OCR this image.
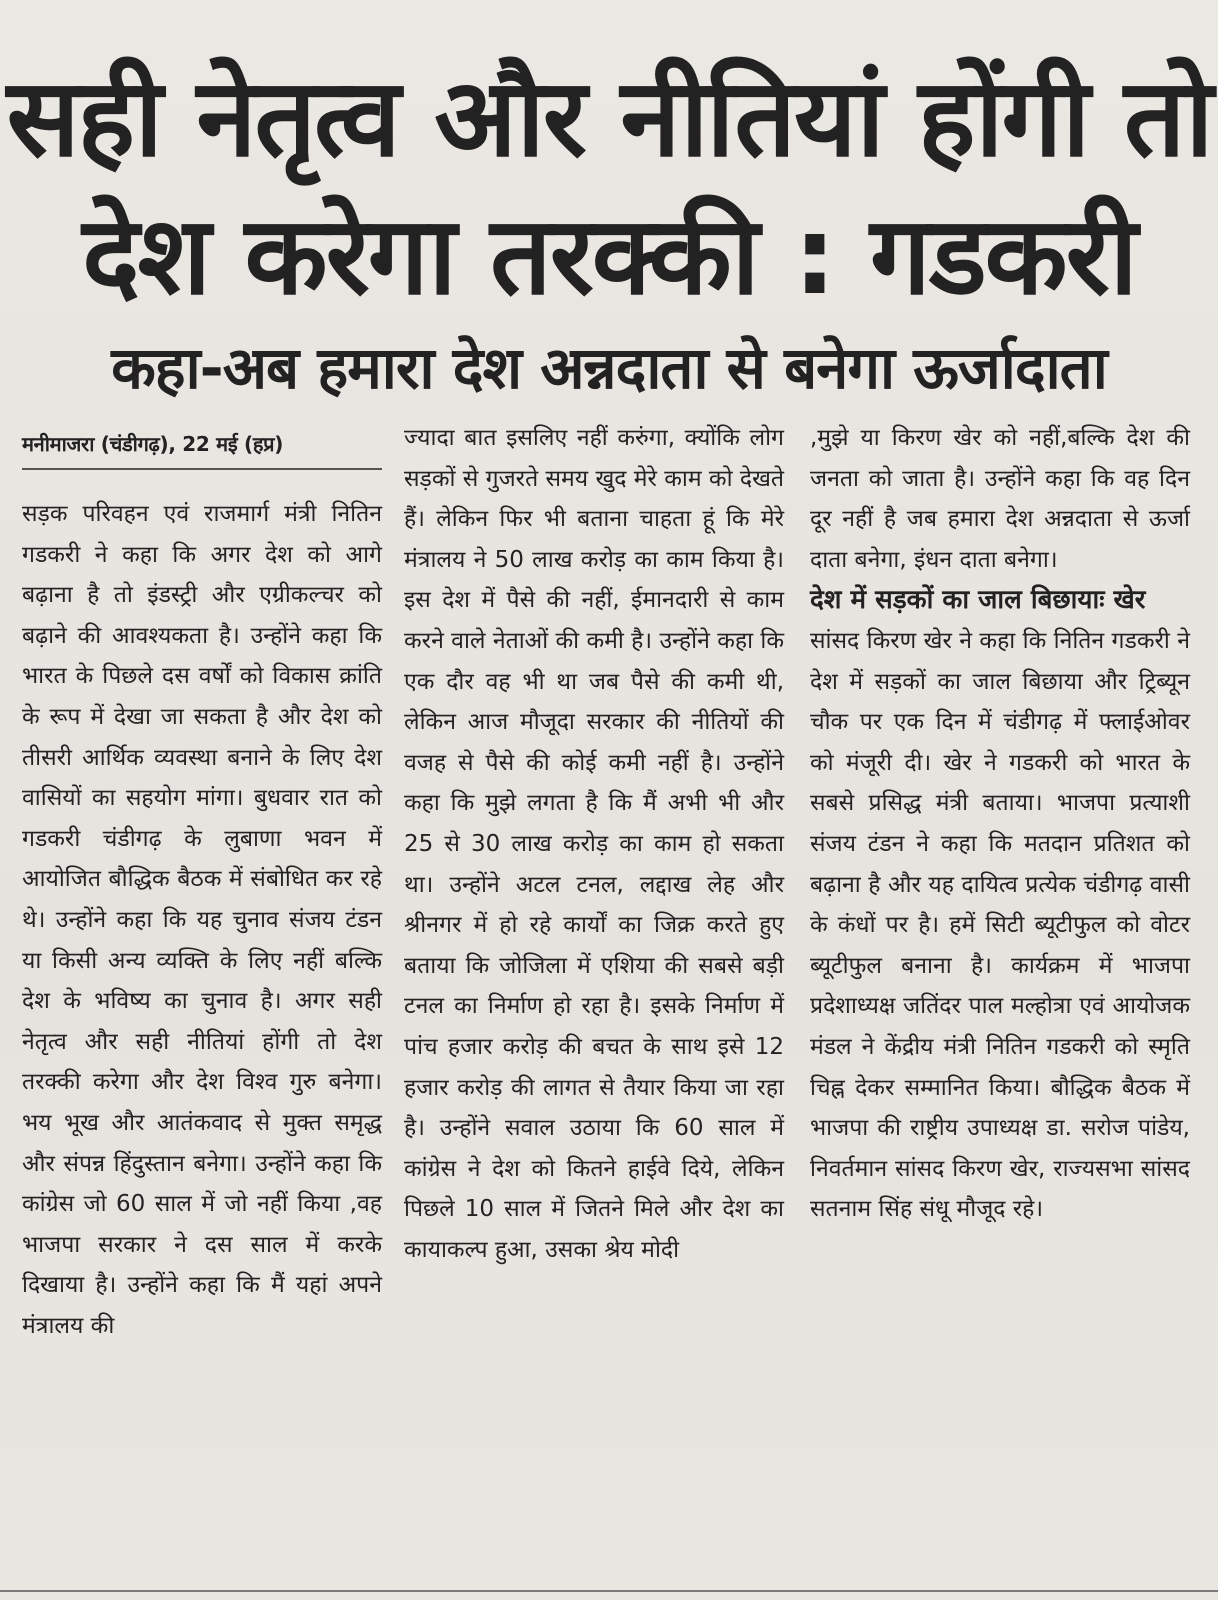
सही नेतृत्व और नीतियां होंगी तो देश करेगा तरक्की : गडकरी
कहा-अब हमारा देश अन्नदाता से बनेगा ऊर्जादाता
मनीमाजरा (चंडीगढ़), 22 मई (हप्र)

सड़क परिवहन एवं राजमार्ग मंत्री नितिन गडकरी ने कहा कि अगर देश को आगे बढ़ाना है तो इंडस्ट्री और एग्रीकल्चर को बढ़ाने की आवश्यकता है। उन्होंने कहा कि भारत के पिछले दस वर्षों को विकास क्रांति के रूप में देखा जा सकता है और देश को तीसरी आर्थिक व्यवस्था बनाने के लिए देश वासियों का सहयोग मांगा। बुधवार रात को गडकरी चंडीगढ़ के लुबाणा भवन में आयोजित बौद्धिक बैठक में संबोधित कर रहे थे। उन्होंने कहा कि यह चुनाव संजय टंडन या किसी अन्य व्यक्ति के लिए नहीं बल्कि देश के भविष्य का चुनाव है। अगर सही नेतृत्व और सही नीतियां होंगी तो देश तरक्की करेगा और देश विश्व गुरु बनेगा। भय भूख और आतंकवाद से मुक्त समृद्ध और संपन्न हिंदुस्तान बनेगा। उन्होंने कहा कि कांग्रेस जो 60 साल में जो नहीं किया ,वह भाजपा सरकार ने दस साल में करके दिखाया है। उन्होंने कहा कि मैं यहां अपने मंत्रालय की

ज्यादा बात इसलिए नहीं करुंगा, क्योंकि लोग सड़कों से गुजरते समय खुद मेरे काम को देखते हैं। लेकिन फिर भी बताना चाहता हूं कि मेरे मंत्रालय ने 50 लाख करोड़ का काम किया है। इस देश में पैसे की नहीं, ईमानदारी से काम करने वाले नेताओं की कमी है। उन्होंने कहा कि एक दौर वह भी था जब पैसे की कमी थी, लेकिन आज मौजूदा सरकार की नीतियों की वजह से पैसे की कोई कमी नहीं है। उन्होंने कहा कि मुझे लगता है कि मैं अभी भी और 25 से 30 लाख करोड़ का काम हो सकता था। उन्होंने अटल टनल, लद्दाख लेह और श्रीनगर में हो रहे कार्यों का जिक्र करते हुए बताया कि जोजिला में एशिया की सबसे बड़ी टनल का निर्माण हो रहा है। इसके निर्माण में पांच हजार करोड़ की बचत के साथ इसे 12 हजार करोड़ की लागत से तैयार किया जा रहा है। उन्होंने सवाल उठाया कि 60 साल में कांग्रेस ने देश को कितने हाईवे दिये, लेकिन पिछले 10 साल में जितने मिले और देश का कायाकल्प हुआ, उसका श्रेय मोदी

,मुझे या किरण खेर को नहीं,बल्कि देश की जनता को जाता है। उन्होंने कहा कि वह दिन दूर नहीं है जब हमारा देश अन्नदाता से ऊर्जा दाता बनेगा, इंधन दाता बनेगा।

देश में सड़कों का जाल बिछायाः खेर

सांसद किरण खेर ने कहा कि नितिन गडकरी ने देश में सड़कों का जाल बिछाया और ट्रिब्यून चौक पर एक दिन में चंडीगढ़ में फ्लाईओवर को मंजूरी दी। खेर ने गडकरी को भारत के सबसे प्रसिद्ध मंत्री बताया। भाजपा प्रत्याशी संजय टंडन ने कहा कि मतदान प्रतिशत को बढ़ाना है और यह दायित्व प्रत्येक चंडीगढ़ वासी के कंधों पर है। हमें सिटी ब्यूटीफुल को वोटर ब्यूटीफुल बनाना है। कार्यक्रम में भाजपा प्रदेशाध्यक्ष जतिंदर पाल मल्होत्रा एवं आयोजक मंडल ने केंद्रीय मंत्री नितिन गडकरी को स्मृति चिह्न देकर सम्मानित किया। बौद्धिक बैठक में भाजपा की राष्ट्रीय उपाध्यक्ष डा. सरोज पांडेय, निवर्तमान सांसद किरण खेर, राज्यसभा सांसद सतनाम सिंह संधू मौजूद रहे।
